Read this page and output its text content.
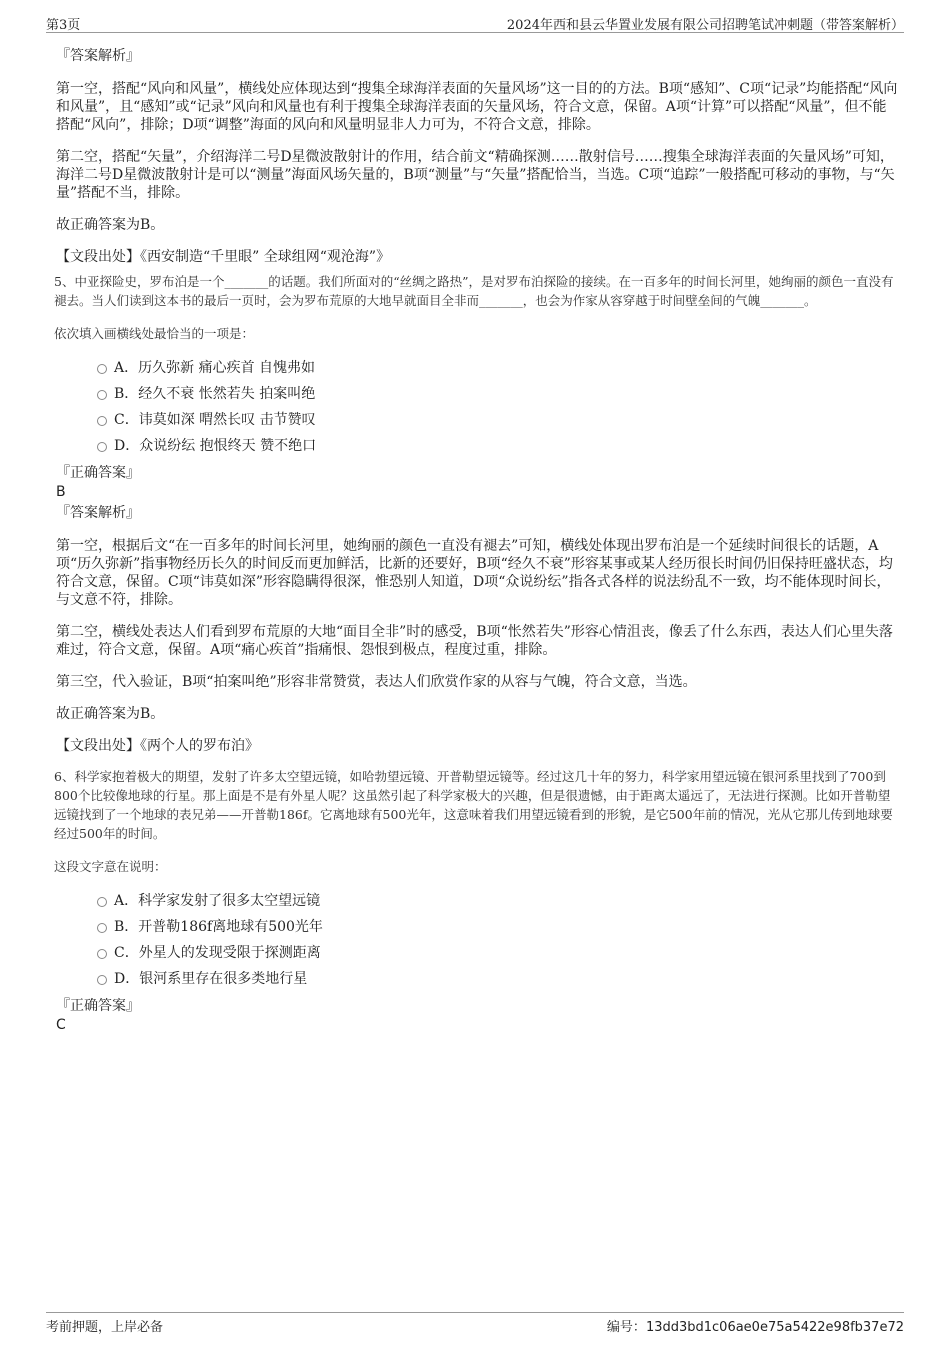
第3页	2024年西和县云华置业发展有限公司招聘笔试冲刺题（带答案解析）

『答案解析』

第一空，搭配“风向和风量”，横线处应体现达到“搜集全球海洋表面的矢量风场”这一目的的方法。B项“感知”、C项“记录”均能搭配“风向和风量”，且“感知”或“记录”风向和风量也有利于搜集全球海洋表面的矢量风场，符合文意，保留。A项“计算”可以搭配“风量”，但不能搭配“风向”，排除；D项“调整”海面的风向和风量明显非人力可为，不符合文意，排除。

第二空，搭配“矢量”，介绍海洋二号D星微波散射计的作用，结合前文“精确探测……散射信号……搜集全球海洋表面的矢量风场”可知，海洋二号D星微波散射计是可以“测量”海面风场矢量的，B项“测量”与“矢量”搭配恰当，当选。C项“追踪”一般搭配可移动的事物，与“矢量”搭配不当，排除。

故正确答案为B。

【文段出处】《西安制造“千里眼” 全球组网“观沧海”》

5、中亚探险史，罗布泊是一个_______的话题。我们所面对的“丝绸之路热”，是对罗布泊探险的接续。在一百多年的时间长河里，她绚丽的颜色一直没有褪去。当人们读到这本书的最后一页时，会为罗布荒原的大地早就面目全非而_______，也会为作家从容穿越于时间壁垒间的气魄_______。

依次填入画横线处最恰当的一项是：

A．历久弥新 痛心疾首 自愧弗如
B．经久不衰 怅然若失 拍案叫绝
C．讳莫如深 喟然长叹 击节赞叹
D．众说纷纭 抱恨终天 赞不绝口

『正确答案』

B

『答案解析』

第一空，根据后文“在一百多年的时间长河里，她绚丽的颜色一直没有褪去”可知，横线处体现出罗布泊是一个延续时间很长的话题，A项“历久弥新”指事物经历长久的时间反而更加鲜活，比新的还要好，B项“经久不衰”形容某事或某人经历很长时间仍旧保持旺盛状态，均符合文意，保留。C项“讳莫如深”形容隐瞒得很深，惟恐别人知道，D项“众说纷纭”指各式各样的说法纷乱不一致，均不能体现时间长，与文意不符，排除。

第二空，横线处表达人们看到罗布荒原的大地“面目全非”时的感受，B项“怅然若失”形容心情沮丧，像丢了什么东西，表达人们心里失落难过，符合文意，保留。A项“痛心疾首”指痛恨、怨恨到极点，程度过重，排除。

第三空，代入验证，B项“拍案叫绝”形容非常赞赏，表达人们欣赏作家的从容与气魄，符合文意，当选。

故正确答案为B。

【文段出处】《两个人的罗布泊》

6、科学家抱着极大的期望，发射了许多太空望远镜，如哈勃望远镜、开普勒望远镜等。经过这几十年的努力，科学家用望远镜在银河系里找到了700到800个比较像地球的行星。那上面是不是有外星人呢？这虽然引起了科学家极大的兴趣，但是很遗憾，由于距离太遥远了，无法进行探测。比如开普勒望远镜找到了一个地球的表兄弟——开普勒186f。它离地球有500光年，这意味着我们用望远镜看到的形貌，是它500年前的情况，光从它那儿传到地球要经过500年的时间。

这段文字意在说明：

A．科学家发射了很多太空望远镜
B．开普勒186f离地球有500光年
C．外星人的发现受限于探测距离
D．银河系里存在很多类地行星

『正确答案』

C

考前押题，上岸必备	编号：13dd3bd1c06ae0e75a5422e98fb37e72
